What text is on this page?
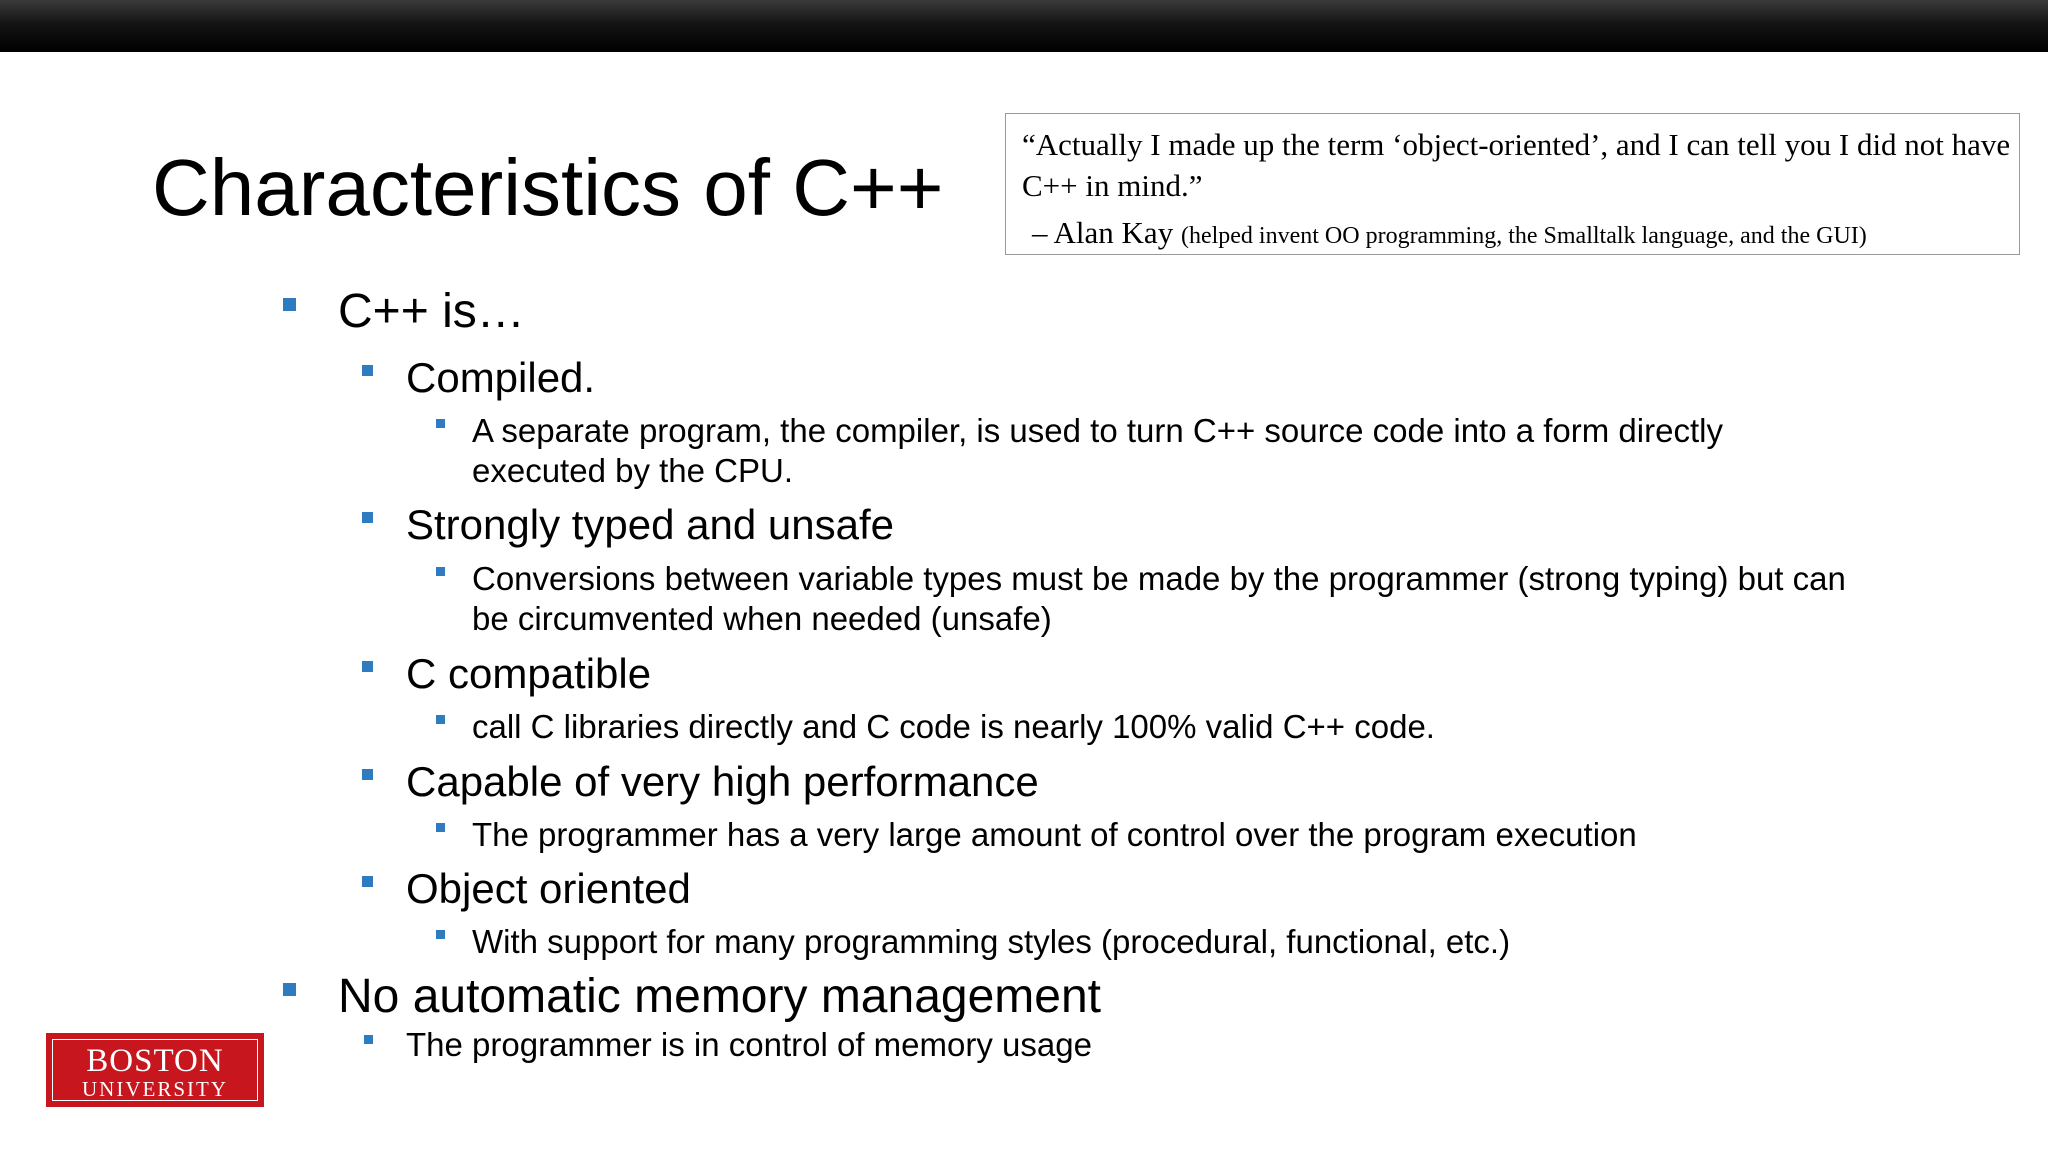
Characteristics of C++	“Actually I made up the term ‘object-oriented’, and I can tell you I did not have C++ in mind.”
– Alan Kay (helped invent OO programming, the Smalltalk language, and the GUI)
C++ is…
Compiled.
A separate program, the compiler, is used to turn C++ source code into a form directly
executed by the CPU.
Strongly typed and unsafe
Conversions between variable types must be made by the programmer (strong typing) but can
be circumvented when needed (unsafe)
C compatible
call C libraries directly and C code is nearly 100% valid C++ code.
Capable of very high performance
The programmer has a very large amount of control over the program execution
Object oriented
With support for many programming styles (procedural, functional, etc.)
No automatic memory management
The programmer is in control of memory usage
BOSTON
UNIVERSITY
